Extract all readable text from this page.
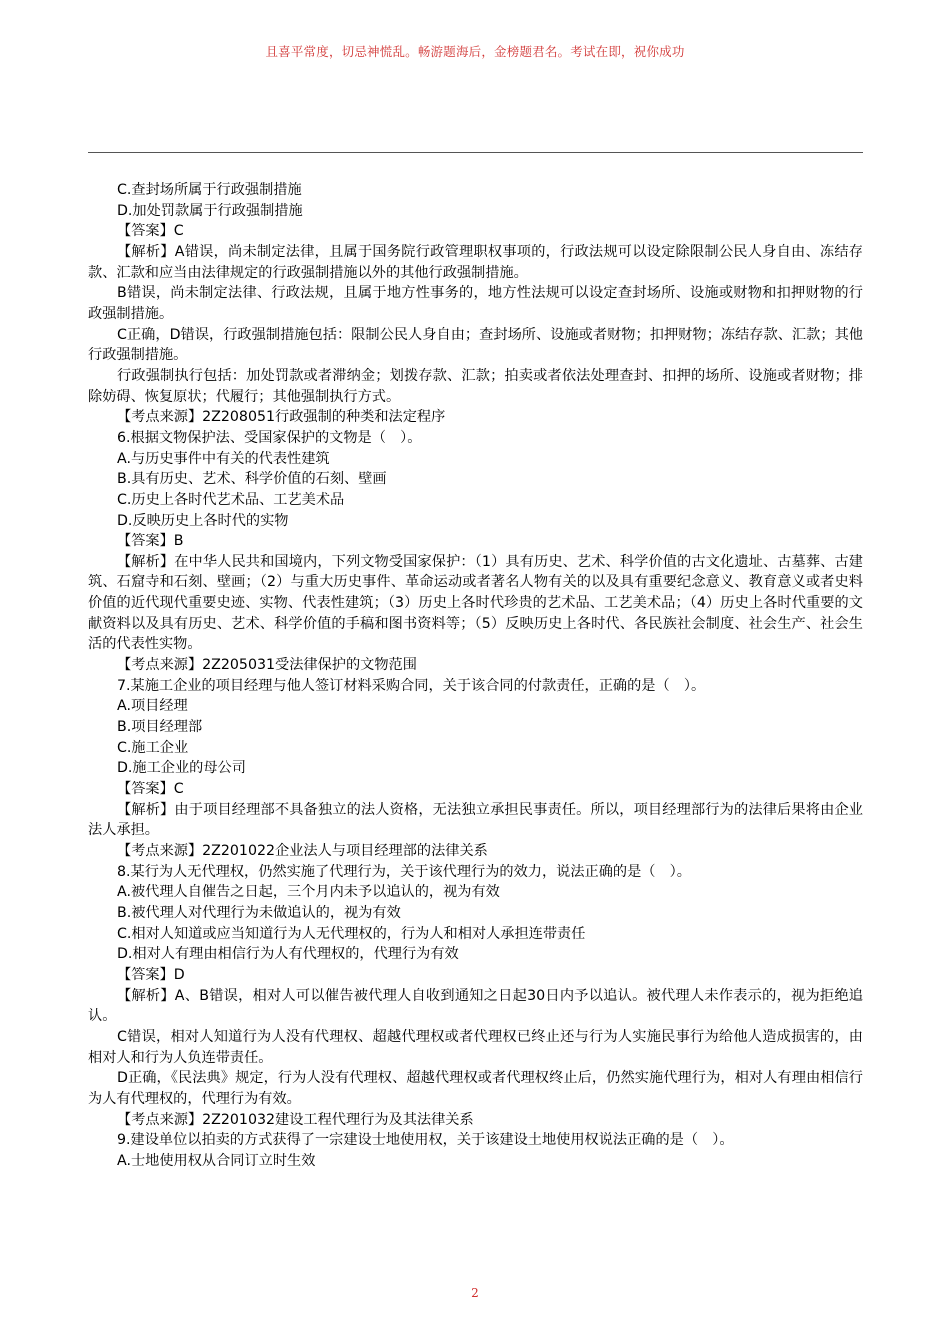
且喜平常度，切忌神慌乱。畅游题海后，金榜题君名。考试在即，祝你成功

C.查封场所属于行政强制措施

D.加处罚款属于行政强制措施

【答案】C

【解析】A错误，尚未制定法律，且属于国务院行政管理职权事项的，行政法规可以设定除限制公民人身自由、冻结存款、汇款和应当由法律规定的行政强制措施以外的其他行政强制措施。

B错误，尚未制定法律、行政法规，且属于地方性事务的，地方性法规可以设定查封场所、设施或财物和扣押财物的行政强制措施。

C正确，D错误，行政强制措施包括：限制公民人身自由；查封场所、设施或者财物；扣押财物；冻结存款、汇款；其他行政强制措施。

行政强制执行包括：加处罚款或者滞纳金；划拨存款、汇款；拍卖或者依法处理查封、扣押的场所、设施或者财物；排除妨碍、恢复原状；代履行；其他强制执行方式。

【考点来源】2Z208051行政强制的种类和法定程序

6.根据文物保护法、受国家保护的文物是（　）。

A.与历史事件中有关的代表性建筑

B.具有历史、艺术、科学价值的石刻、壁画

C.历史上各时代艺术品、工艺美术品

D.反映历史上各时代的实物

【答案】B

【解析】在中华人民共和国境内，下列文物受国家保护：（1）具有历史、艺术、科学价值的古文化遗址、古墓葬、古建筑、石窟寺和石刻、壁画；（2）与重大历史事件、革命运动或者著名人物有关的以及具有重要纪念意义、教育意义或者史料价值的近代现代重要史迹、实物、代表性建筑；（3）历史上各时代珍贵的艺术品、工艺美术品；（4）历史上各时代重要的文献资料以及具有历史、艺术、科学价值的手稿和图书资料等；（5）反映历史上各时代、各民族社会制度、社会生产、社会生活的代表性实物。

【考点来源】2Z205031受法律保护的文物范围

7.某施工企业的项目经理与他人签订材料采购合同，关于该合同的付款责任，正确的是（　）。

A.项目经理

B.项目经理部

C.施工企业

D.施工企业的母公司

【答案】C

【解析】由于项目经理部不具备独立的法人资格，无法独立承担民事责任。所以，项目经理部行为的法律后果将由企业法人承担。

【考点来源】2Z201022企业法人与项目经理部的法律关系

8.某行为人无代理权，仍然实施了代理行为，关于该代理行为的效力，说法正确的是（　）。

A.被代理人自催告之日起，三个月内未予以追认的，视为有效

B.被代理人对代理行为未做追认的，视为有效

C.相对人知道或应当知道行为人无代理权的，行为人和相对人承担连带责任

D.相对人有理由相信行为人有代理权的，代理行为有效

【答案】D

【解析】A、B错误，相对人可以催告被代理人自收到通知之日起30日内予以追认。被代理人未作表示的，视为拒绝追认。

C错误，相对人知道行为人没有代理权、超越代理权或者代理权已终止还与行为人实施民事行为给他人造成损害的，由相对人和行为人负连带责任。

D正确，《民法典》规定，行为人没有代理权、超越代理权或者代理权终止后，仍然实施代理行为，相对人有理由相信行为人有代理权的，代理行为有效。

【考点来源】2Z201032建设工程代理行为及其法律关系

9.建设单位以拍卖的方式获得了一宗建设士地使用权，关于该建设土地使用权说法正确的是（　）。

A.士地使用权从合同订立时生效

2
